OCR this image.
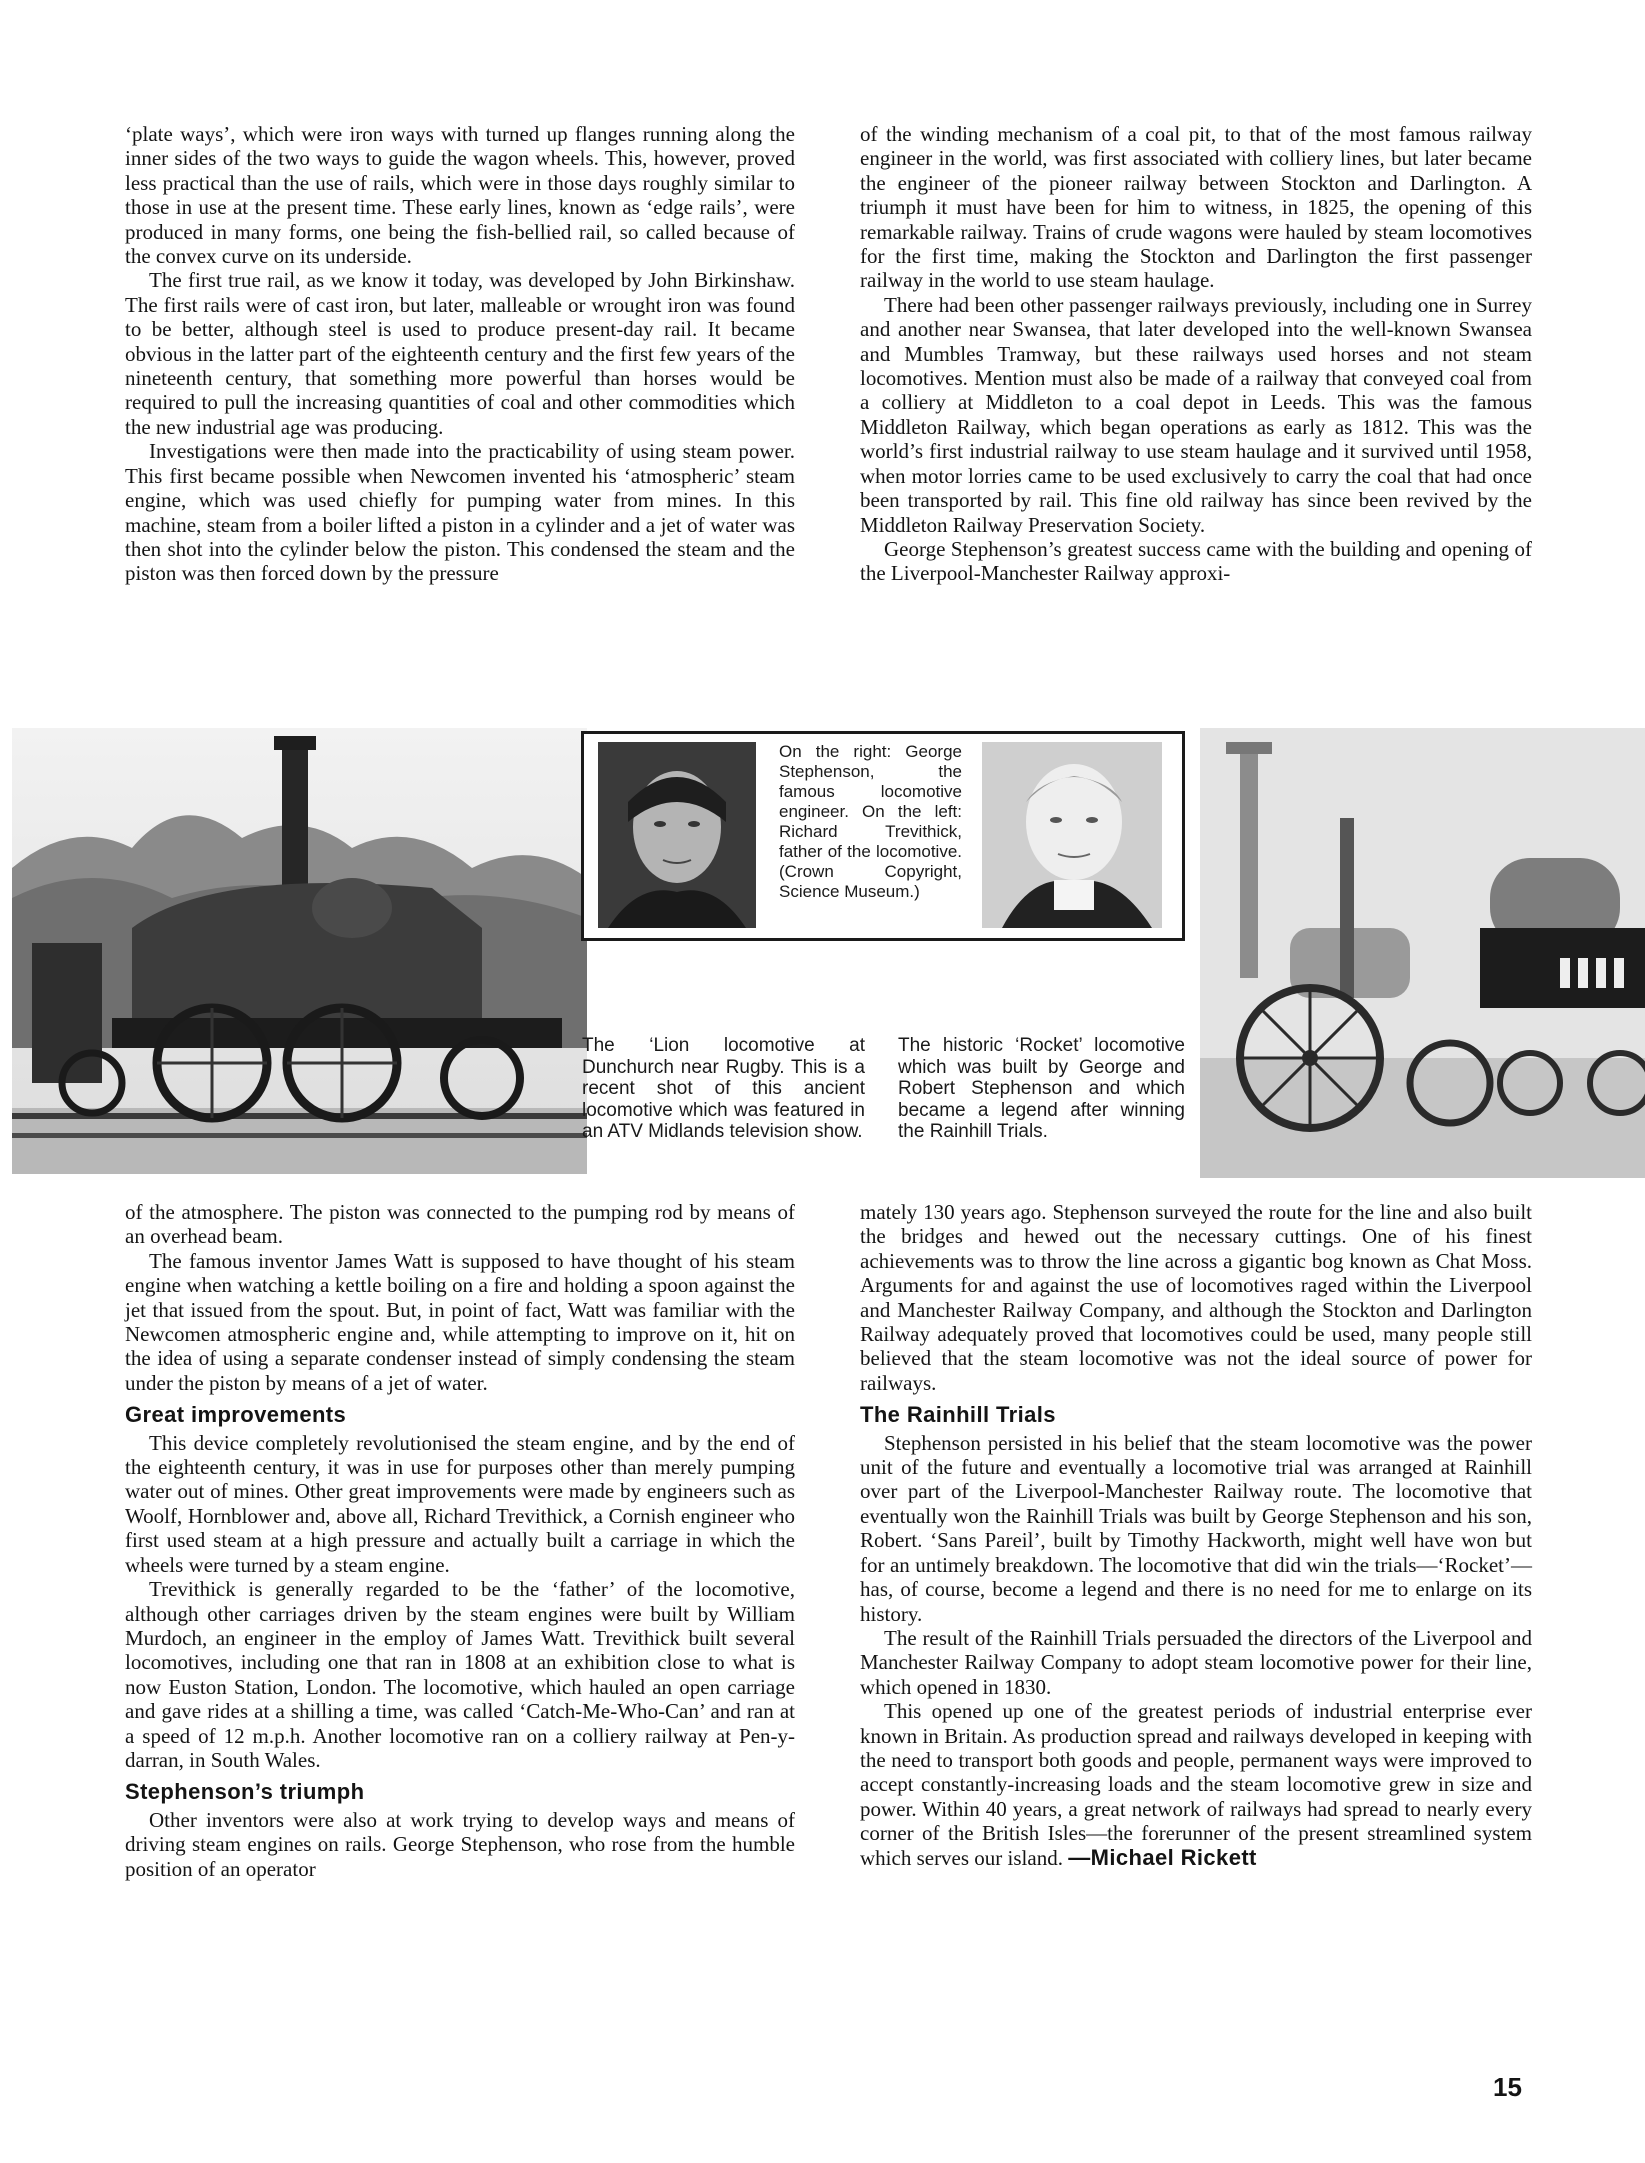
‘plate ways’, which were iron ways with turned up flanges running along the inner sides of the two ways to guide the wagon wheels. This, however, proved less practical than the use of rails, which were in those days roughly similar to those in use at the present time. These early lines, known as ‘edge rails’, were produced in many forms, one being the fish-bellied rail, so called because of the convex curve on its underside.

The first true rail, as we know it today, was developed by John Birkinshaw. The first rails were of cast iron, but later, malleable or wrought iron was found to be better, although steel is used to produce present-day rail. It became obvious in the latter part of the eighteenth century and the first few years of the nineteenth century, that something more powerful than horses would be required to pull the increasing quantities of coal and other commodities which the new industrial age was producing.

Investigations were then made into the practicability of using steam power. This first became possible when Newcomen invented his ‘atmospheric’ steam engine, which was used chiefly for pumping water from mines. In this machine, steam from a boiler lifted a piston in a cylinder and a jet of water was then shot into the cylinder below the piston. This condensed the steam and the piston was then forced down by the pressure

of the winding mechanism of a coal pit, to that of the most famous railway engineer in the world, was first associated with colliery lines, but later became the engineer of the pioneer railway between Stockton and Darlington. A triumph it must have been for him to witness, in 1825, the opening of this remarkable railway. Trains of crude wagons were hauled by steam locomotives for the first time, making the Stockton and Darlington the first passenger railway in the world to use steam haulage.

There had been other passenger railways previously, including one in Surrey and another near Swansea, that later developed into the well-known Swansea and Mumbles Tramway, but these railways used horses and not steam locomotives. Mention must also be made of a railway that conveyed coal from a colliery at Middleton to a coal depot in Leeds. This was the famous Middleton Railway, which began operations as early as 1812. This was the world’s first industrial railway to use steam haulage and it survived until 1958, when motor lorries came to be used exclusively to carry the coal that had once been transported by rail. This fine old railway has since been revived by the Middleton Railway Preservation Society.

George Stephenson’s greatest success came with the building and opening of the Liverpool-Manchester Railway approxi-

On the right: George Stephenson, the famous locomotive engineer. On the left: Richard Trevithick, father of the locomotive. (Crown Copyright, Science Museum.)
The ‘Lion locomotive at Dunchurch near Rugby. This is a recent shot of this ancient locomotive which was featured in an ATV Midlands television show.
The historic ‘Rocket’ locomotive which was built by George and Robert Stephenson and which became a legend after winning the Rainhill Trials.

of the atmosphere. The piston was connected to the pumping rod by means of an overhead beam.

The famous inventor James Watt is supposed to have thought of his steam engine when watching a kettle boiling on a fire and holding a spoon against the jet that issued from the spout. But, in point of fact, Watt was familiar with the Newcomen atmospheric engine and, while attempting to improve on it, hit on the idea of using a separate condenser instead of simply condensing the steam under the piston by means of a jet of water.

Great improvements

This device completely revolutionised the steam engine, and by the end of the eighteenth century, it was in use for purposes other than merely pumping water out of mines. Other great improvements were made by engineers such as Woolf, Hornblower and, above all, Richard Trevithick, a Cornish engineer who first used steam at a high pressure and actually built a carriage in which the wheels were turned by a steam engine.

Trevithick is generally regarded to be the ‘father’ of the locomotive, although other carriages driven by the steam engines were built by William Murdoch, an engineer in the employ of James Watt. Trevithick built several locomotives, including one that ran in 1808 at an exhibition close to what is now Euston Station, London. The locomotive, which hauled an open carriage and gave rides at a shilling a time, was called ‘Catch-Me-Who-Can’ and ran at a speed of 12 m.p.h. Another locomotive ran on a colliery railway at Pen-y-darran, in South Wales.

Stephenson’s triumph

Other inventors were also at work trying to develop ways and means of driving steam engines on rails. George Stephenson, who rose from the humble position of an operator

mately 130 years ago. Stephenson surveyed the route for the line and also built the bridges and hewed out the necessary cuttings. One of his finest achievements was to throw the line across a gigantic bog known as Chat Moss. Arguments for and against the use of locomotives raged within the Liverpool and Manchester Railway Company, and although the Stockton and Darlington Railway adequately proved that locomotives could be used, many people still believed that the steam locomotive was not the ideal source of power for railways.

The Rainhill Trials

Stephenson persisted in his belief that the steam locomotive was the power unit of the future and eventually a locomotive trial was arranged at Rainhill over part of the Liverpool-Manchester Railway route. The locomotive that eventually won the Rainhill Trials was built by George Stephenson and his son, Robert. ‘Sans Pareil’, built by Timothy Hackworth, might well have won but for an untimely breakdown. The locomotive that did win the trials—‘Rocket’—has, of course, become a legend and there is no need for me to enlarge on its history.

The result of the Rainhill Trials persuaded the directors of the Liverpool and Manchester Railway Company to adopt steam locomotive power for their line, which opened in 1830.

This opened up one of the greatest periods of industrial enterprise ever known in Britain. As production spread and railways developed in keeping with the need to transport both goods and people, permanent ways were improved to accept constantly-increasing loads and the steam locomotive grew in size and power. Within 40 years, a great network of railways had spread to nearly every corner of the British Isles—the forerunner of the present streamlined system which serves our island. —Michael Rickett

15
